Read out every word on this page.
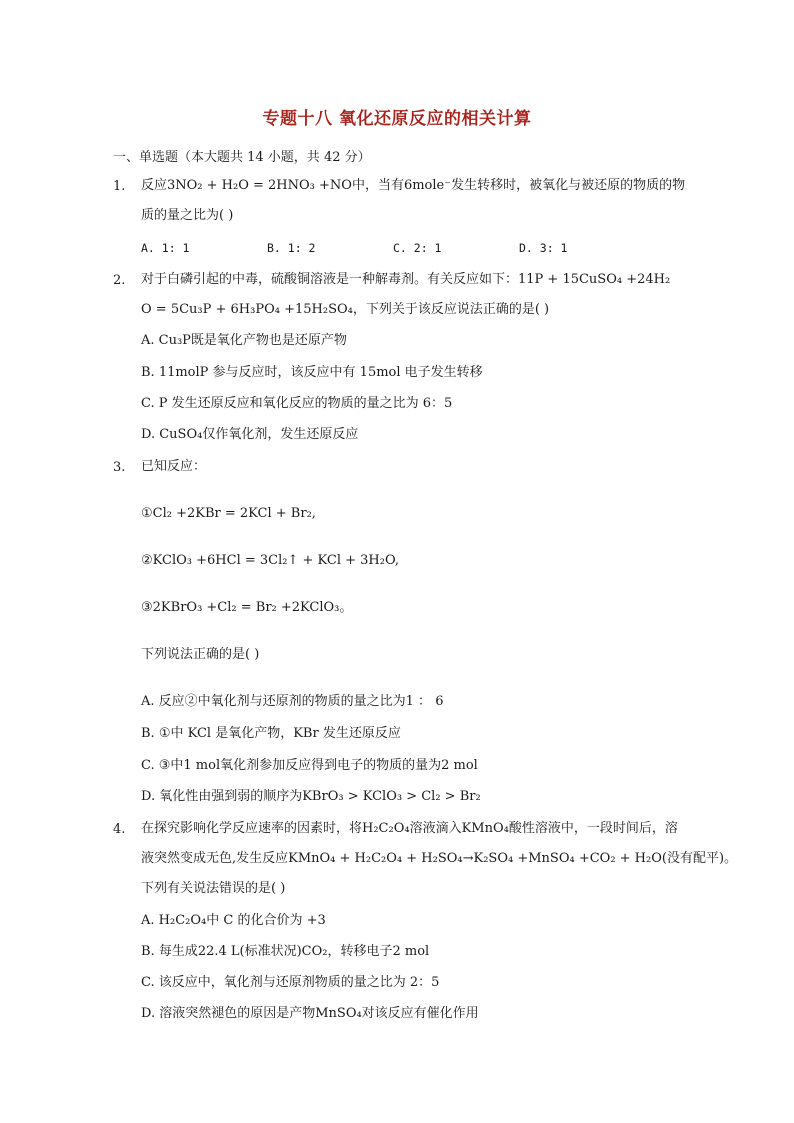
专题十八 氧化还原反应的相关计算
一、单选题（本大题共 14 小题，共 42 分）
1. 反应3NO₂ + H₂O = 2HNO₃ +NO中，当有6mole⁻发生转移时，被氧化与被还原的物质的物
质的量之比为( )
A. 1: 1	B. 1: 2	C. 2: 1	D. 3: 1
2. 对于白磷引起的中毒，硫酸铜溶液是一种解毒剂。有关反应如下：11P + 15CuSO₄ +24H₂
O = 5Cu₃P + 6H₃PO₄ +15H₂SO₄，下列关于该反应说法正确的是( )
A. Cu₃P既是氧化产物也是还原产物
B. 11molP 参与反应时，该反应中有 15mol 电子发生转移
C. P 发生还原反应和氧化反应的物质的量之比为 6：5
D. CuSO₄仅作氧化剂，发生还原反应
3. 已知反应：
①Cl₂ +2KBr = 2KCl + Br₂,
②KClO₃ +6HCl = 3Cl₂↑ + KCl + 3H₂O,
③2KBrO₃ +Cl₂ = Br₂ +2KClO₃。
下列说法正确的是( )
A. 反应②中氧化剂与还原剂的物质的量之比为1 ： 6
B. ①中 KCl 是氧化产物，KBr 发生还原反应
C. ③中1 mol氧化剂参加反应得到电子的物质的量为2 mol
D. 氧化性由强到弱的顺序为KBrO₃ > KClO₃ > Cl₂ > Br₂
4. 在探究影响化学反应速率的因素时，将H₂C₂O₄溶液滴入KMnO₄酸性溶液中，一段时间后，溶
液突然变成无色,发生反应KMnO₄ + H₂C₂O₄ + H₂SO₄→K₂SO₄ +MnSO₄ +CO₂ + H₂O(没有配平)。
下列有关说法错误的是( )
A. H₂C₂O₄中 C 的化合价为 +3
B. 每生成22.4 L(标准状况)CO₂，转移电子2 mol
C. 该反应中，氧化剂与还原剂物质的量之比为 2：5
D. 溶液突然褪色的原因是产物MnSO₄对该反应有催化作用
